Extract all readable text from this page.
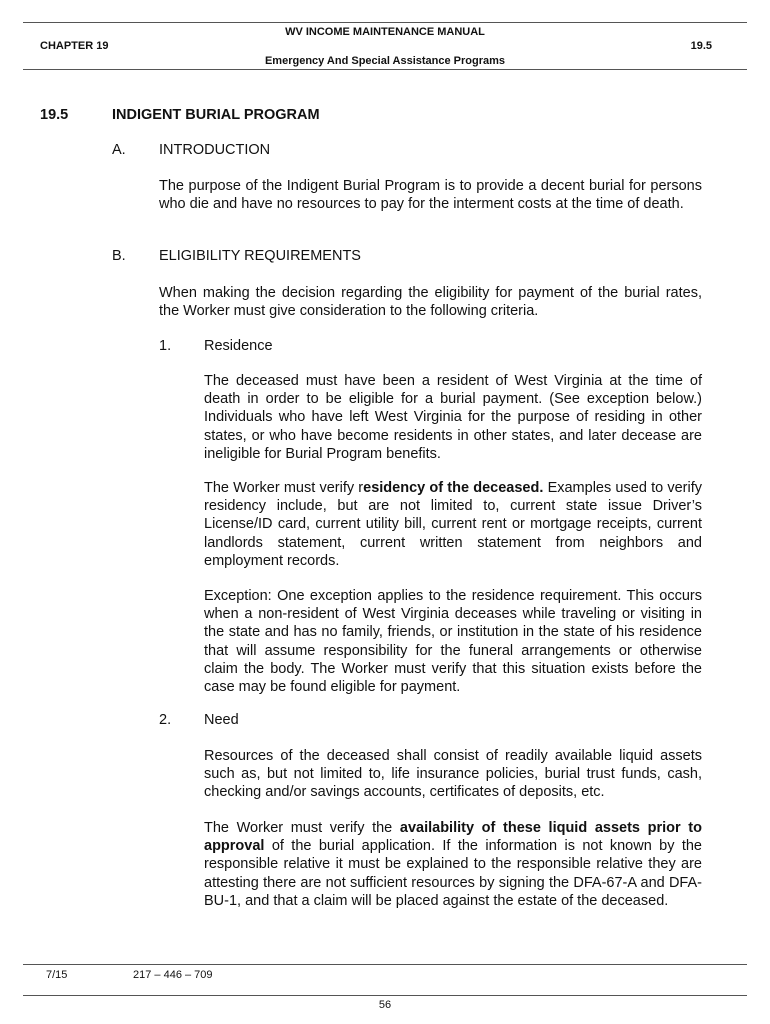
WV INCOME MAINTENANCE MANUAL
CHAPTER 19	19.5
Emergency And Special Assistance Programs
19.5	INDIGENT BURIAL PROGRAM
A. INTRODUCTION
The purpose of the Indigent Burial Program is to provide a decent burial for persons who die and have no resources to pay for the interment costs at the time of death.
B. ELIGIBILITY REQUIREMENTS
When making the decision regarding the eligibility for payment of the burial rates, the Worker must give consideration to the following criteria.
1. Residence
The deceased must have been a resident of West Virginia at the time of death in order to be eligible for a burial payment. (See exception below.) Individuals who have left West Virginia for the purpose of residing in other states, or who have become residents in other states, and later decease are ineligible for Burial Program benefits.
The Worker must verify residency of the deceased. Examples used to verify residency include, but are not limited to, current state issue Driver’s License/ID card, current utility bill, current rent or mortgage receipts, current landlords statement, current written statement from neighbors and employment records.
Exception: One exception applies to the residence requirement. This occurs when a non-resident of West Virginia deceases while traveling or visiting in the state and has no family, friends, or institution in the state of his residence that will assume responsibility for the funeral arrangements or otherwise claim the body. The Worker must verify that this situation exists before the case may be found eligible for payment.
2. Need
Resources of the deceased shall consist of readily available liquid assets such as, but not limited to, life insurance policies, burial trust funds, cash, checking and/or savings accounts, certificates of deposits, etc.
The Worker must verify the availability of these liquid assets prior to approval of the burial application. If the information is not known by the responsible relative it must be explained to the responsible relative they are attesting there are not sufficient resources by signing the DFA-67-A and DFA-BU-1, and that a claim will be placed against the estate of the deceased.
7/15	217 – 446 – 709
56
